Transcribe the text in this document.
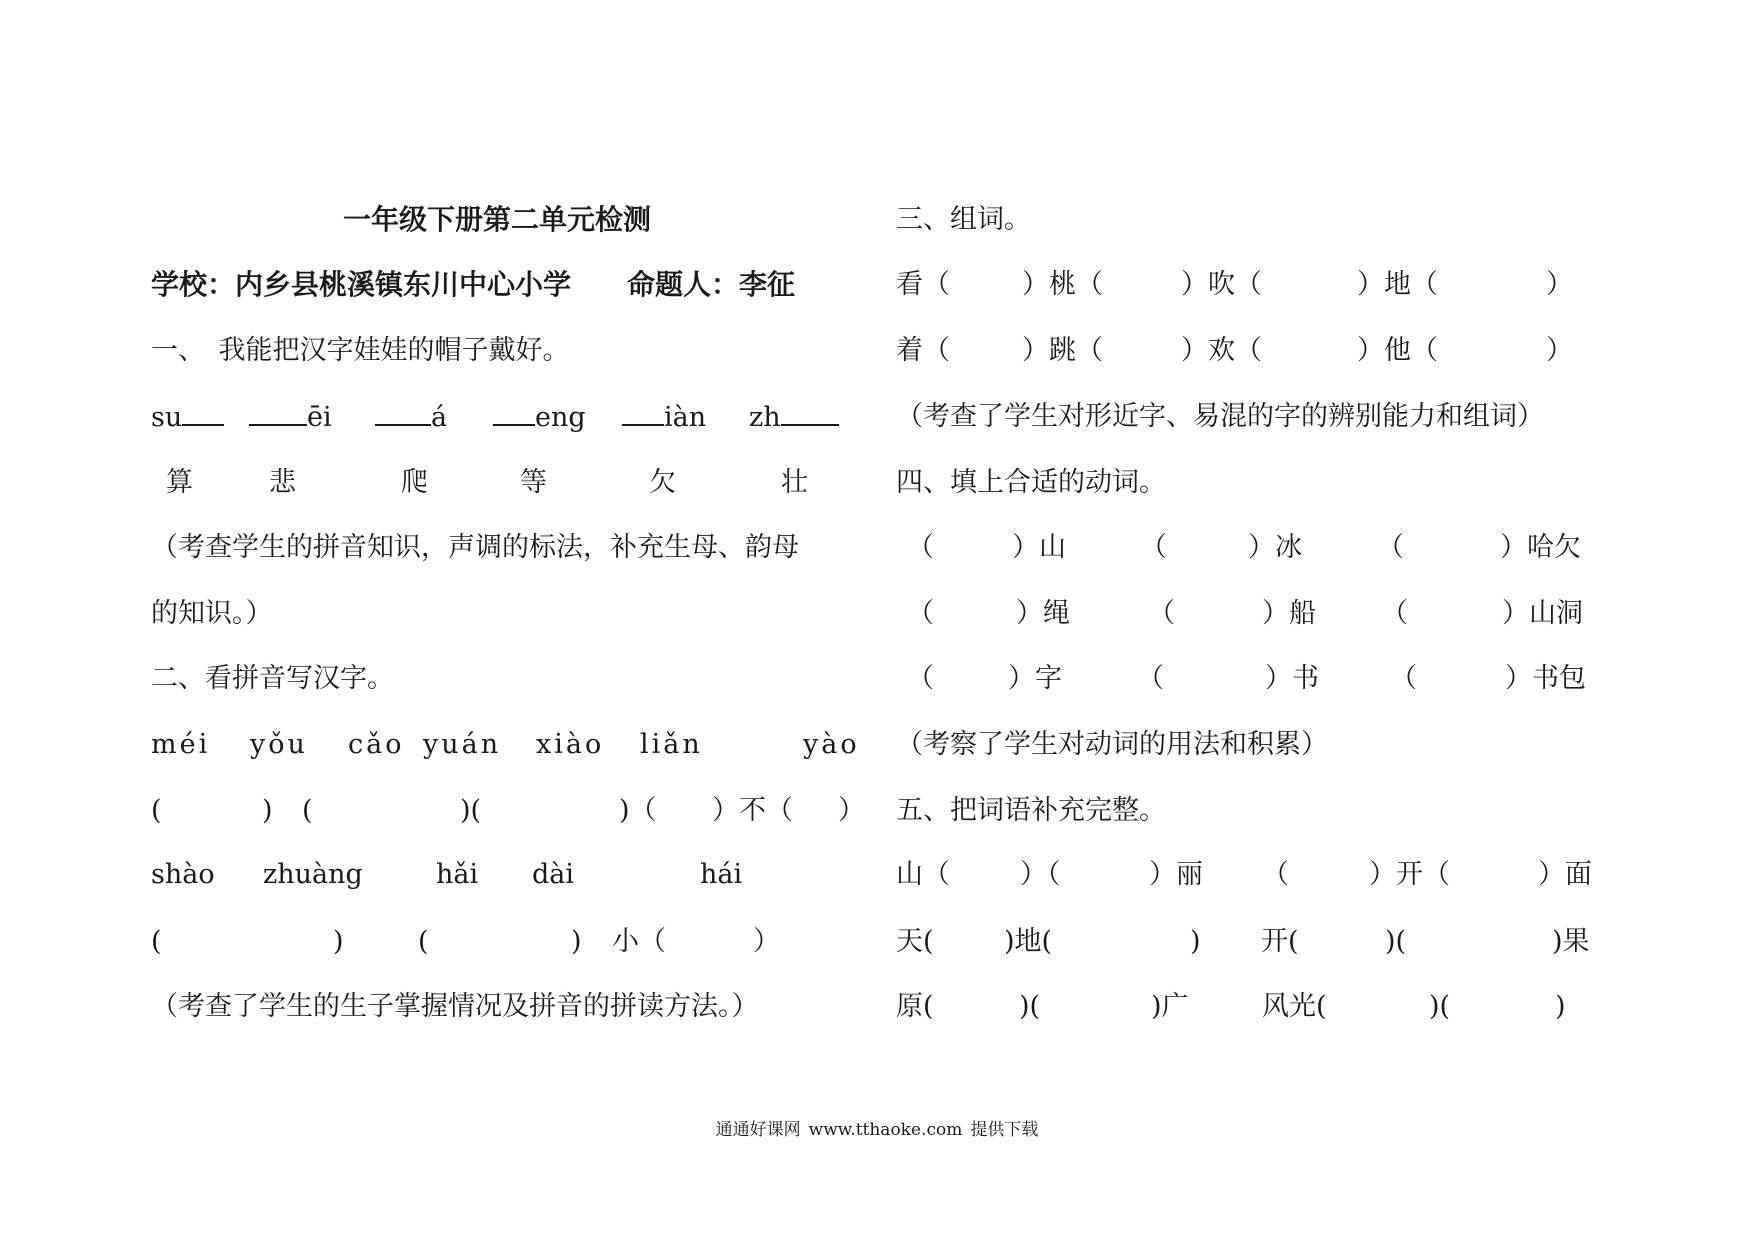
一年级下册第二单元检测
学校：内乡县桃溪镇东川中心小学　　命题人：李征
一、　我能把汉字娃娃的帽子戴好。
su	ēi	á	eng	iàn zh
算	悲	爬	等	欠	壮
（考查学生的拼音知识，声调的标法，补充生母、韵母
的知识。）
二、看拼音写汉字。
méi yǒu cǎo yuán xiào liǎn	yào
(	) (	)(	)（ ）不（ ）
shào zhuàng	hǎi dài	hái
(	)	(	) 小（	）
（考查了学生的生子掌握情况及拼音的拼读方法。）
三、组词。
看（	）桃（	）吹（	）地（	）
着（	）跳（	）欢（	）他（	）
（考查了学生对形近字、易混的字的辨别能力和组词）
四、填上合适的动词。
（	）山	（	）冰	（	）哈欠
（	）绳	（	）船 （	）山洞
（	）字	（	）书	（	）书包
（考察了学生对动词的用法和积累）
五、把词语补充完整。
山（	）（	）丽 （	）开（	）面
天(	)地(	) 开(	)(	)果
原(	)(	)广	风光(	)(	)
通通好课网 www.tthaoke.com 提供下载
